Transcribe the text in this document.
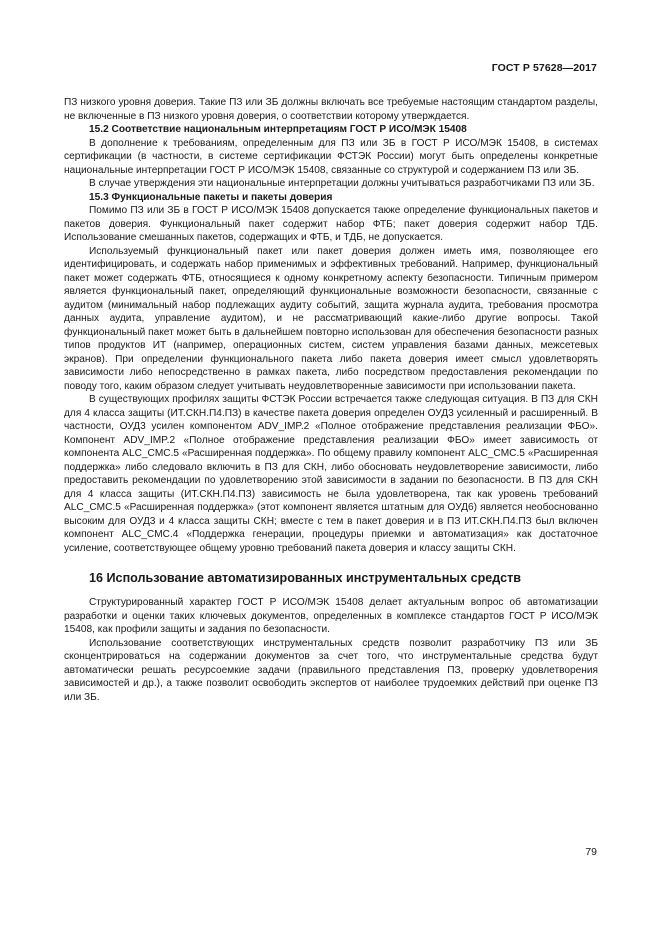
ГОСТ Р 57628—2017

ПЗ низкого уровня доверия. Такие ПЗ или ЗБ должны включать все требуемые настоящим стандартом разделы, не включенные в ПЗ низкого уровня доверия, о соответствии которому утверждается.

15.2 Соответствие национальным интерпретациям ГОСТ Р ИСО/МЭК 15408

В дополнение к требованиям, определенным для ПЗ или ЗБ в ГОСТ Р ИСО/МЭК 15408, в системах сертификации (в частности, в системе сертификации ФСТЭК России) могут быть определены конкретные национальные интерпретации ГОСТ Р ИСО/МЭК 15408, связанные со структурой и содержанием ПЗ или ЗБ.

В случае утверждения эти национальные интерпретации должны учитываться разработчиками ПЗ или ЗБ.

15.3 Функциональные пакеты и пакеты доверия

Помимо ПЗ или ЗБ в ГОСТ Р ИСО/МЭК 15408 допускается также определение функциональных пакетов и пакетов доверия. Функциональный пакет содержит набор ФТБ; пакет доверия содержит набор ТДБ. Использование смешанных пакетов, содержащих и ФТБ, и ТДБ, не допускается.

Используемый функциональный пакет или пакет доверия должен иметь имя, позволяющее его идентифицировать, и содержать набор применимых и эффективных требований. Например, функциональный пакет может содержать ФТБ, относящиеся к одному конкретному аспекту безопасности. Типичным примером является функциональный пакет, определяющий функциональные возможности безопасности, связанные с аудитом (минимальный набор подлежащих аудиту событий, защита журнала аудита, требования просмотра данных аудита, управление аудитом), и не рассматривающий какие-либо другие вопросы. Такой функциональный пакет может быть в дальнейшем повторно использован для обеспечения безопасности разных типов продуктов ИТ (например, операционных систем, систем управления базами данных, межсетевых экранов). При определении функционального пакета либо пакета доверия имеет смысл удовлетворять зависимости либо непосредственно в рамках пакета, либо посредством предоставления рекомендации по поводу того, каким образом следует учитывать неудовлетворенные зависимости при использовании пакета.

В существующих профилях защиты ФСТЭК России встречается также следующая ситуация. В ПЗ для СКН для 4 класса защиты (ИТ.СКН.П4.ПЗ) в качестве пакета доверия определен ОУД3 усиленный и расширенный. В частности, ОУД3 усилен компонентом ADV_IMP.2 «Полное отображение представления реализации ФБО». Компонент ADV_IMP.2 «Полное отображение представления реализации ФБО» имеет зависимость от компонента ALC_CMC.5 «Расширенная поддержка». По общему правилу компонент ALC_CMC.5 «Расширенная поддержка» либо следовало включить в ПЗ для СКН, либо обосновать неудовлетворение зависимости, либо предоставить рекомендации по удовлетворению этой зависимости в задании по безопасности. В ПЗ для СКН для 4 класса защиты (ИТ.СКН.П4.ПЗ) зависимость не была удовлетворена, так как уровень требований ALC_CMC.5 «Расширенная поддержка» (этот компонент является штатным для ОУД6) является необоснованно высоким для ОУД3 и 4 класса защиты СКН; вместе с тем в пакет доверия и в ПЗ ИТ.СКН.П4.ПЗ был включен компонент ALC_CMC.4 «Поддержка генерации, процедуры приемки и автоматизация» как достаточное усиление, соответствующее общему уровню требований пакета доверия и классу защиты СКН.

16 Использование автоматизированных инструментальных средств

Структурированный характер ГОСТ Р ИСО/МЭК 15408 делает актуальным вопрос об автоматизации разработки и оценки таких ключевых документов, определенных в комплексе стандартов ГОСТ Р ИСО/МЭК 15408, как профили защиты и задания по безопасности.

Использование соответствующих инструментальных средств позволит разработчику ПЗ или ЗБ сконцентрироваться на содержании документов за счет того, что инструментальные средства будут автоматически решать ресурсоемкие задачи (правильного представления ПЗ, проверку удовлетворения зависимостей и др.), а также позволит освободить экспертов от наиболее трудоемких действий при оценке ПЗ или ЗБ.

79
